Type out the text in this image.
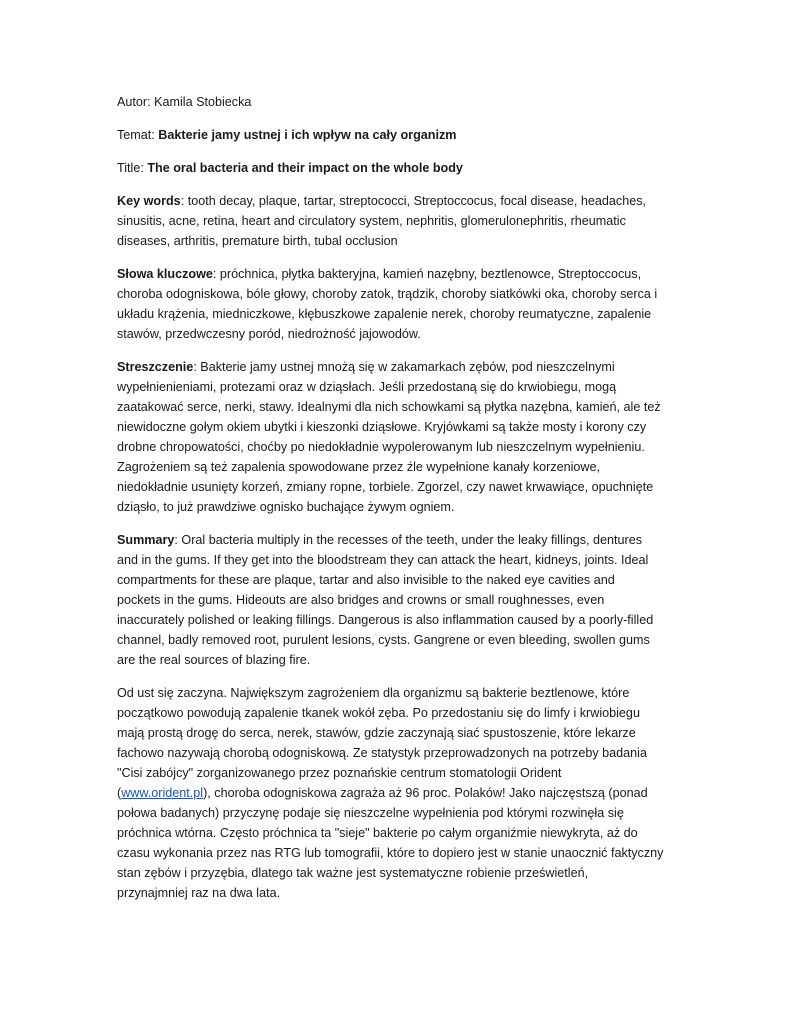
Autor: Kamila Stobiecka

Temat: Bakterie jamy ustnej i ich wpływ na cały organizm

Title: The oral bacteria and their impact on the whole body

Key words: tooth decay, plaque, tartar, streptococci, Streptoccocus, focal disease, headaches,
sinusitis, acne, retina, heart and circulatory system, nephritis, glomerulonephritis, rheumatic
diseases, arthritis, premature birth, tubal occlusion

Słowa kluczowe: próchnica, płytka bakteryjna, kamień nazębny, beztlenowce, Streptoccocus,
choroba odogniskowa, bóle głowy, choroby zatok, trądzik, choroby siatkówki oka, choroby serca i
układu krążenia, miedniczkowe, kłębuszkowe zapalenie nerek, choroby reumatyczne, zapalenie
stawów, przedwczesny poród, niedrożność jajowodów.

Streszczenie: Bakterie jamy ustnej mnożą się w zakamarkach zębów, pod nieszczelnymi
wypełnienieniami, protezami oraz w dziąsłach. Jeśli przedostaną się do krwiobiegu, mogą
zaatakować serce, nerki, stawy. Idealnymi dla nich schowkami są płytka nazębna, kamień, ale też
niewidoczne gołym okiem ubytki i kieszonki dziąsłowe. Kryjówkami są także mosty i korony czy
drobne chropowatości, choćby po niedokładnie wypolerowanym lub nieszczelnym wypełnieniu.
Zagrożeniem są też zapalenia spowodowane przez źle wypełnione kanały korzeniowe,
niedokładnie usunięty korzeń, zmiany ropne, torbiele. Zgorzel, czy nawet krwawiące, opuchnięte
dziąsło, to już prawdziwe ognisko buchające żywym ogniem.

Summary: Oral bacteria multiply in the recesses of the teeth, under the leaky fillings, dentures
and in the gums. If they get into the bloodstream they can attack the heart, kidneys, joints. Ideal
compartments for these are plaque, tartar and also invisible to the naked eye cavities and
pockets in the gums. Hideouts are also bridges and crowns or small roughnesses, even
inaccurately polished or leaking fillings. Dangerous is also inflammation caused by a poorly-filled
channel, badly removed root, purulent lesions, cysts. Gangrene or even bleeding, swollen gums
are the real sources of blazing fire.

Od ust się zaczyna. Największym zagrożeniem dla organizmu są bakterie beztlenowe, które
początkowo powodują zapalenie tkanek wokół zęba. Po przedostaniu się do limfy i krwiobiegu
mają prostą drogę do serca, nerek, stawów, gdzie zaczynają siać spustoszenie, które lekarze
fachowo nazywają chorobą odogniskową. Ze statystyk przeprowadzonych na potrzeby badania
"Cisi zabójcy" zorganizowanego przez poznańskie centrum stomatologii Orident
(www.orident.pl), choroba odogniskowa zagraża aż 96 proc. Polaków! Jako najczęstszą (ponad
połowa badanych) przyczynę podaje się nieszczelne wypełnienia pod którymi rozwinęła się
próchnica wtórna. Często próchnica ta "sieje" bakterie po całym organiźmie niewykryta, aż do
czasu wykonania przez nas RTG lub tomografii, które to dopiero jest w stanie unaocznić faktyczny
stan zębów i przyzębia, dlatego tak ważne jest systematyczne robienie prześwietleń,
przynajmniej raz na dwa lata.
